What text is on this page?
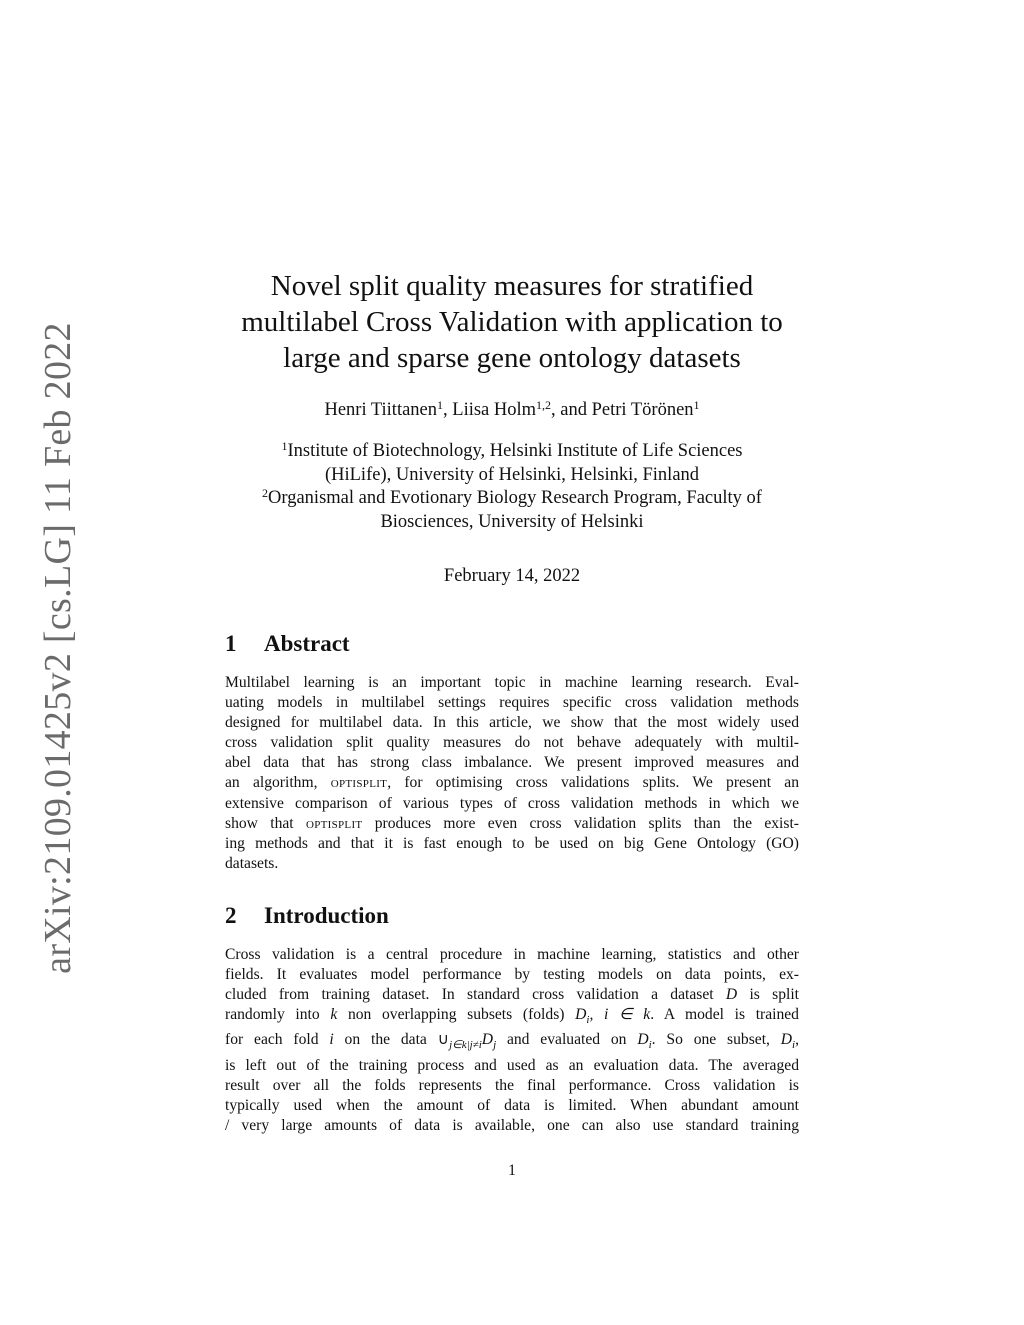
arXiv:2109.01425v2 [cs.LG] 11 Feb 2022
Novel split quality measures for stratified
multilabel Cross Validation with application to
large and sparse gene ontology datasets
Henri Tiittanen$^1$, Liisa Holm$^{1,2}$, and Petri Törönen$^1$
$^1$Institute of Biotechnology, Helsinki Institute of Life Sciences
(HiLife), University of Helsinki, Helsinki, Finland
$^2$Organismal and Evotionary Biology Research Program, Faculty of
Biosciences, University of Helsinki
February 14, 2022
1 Abstract
Multilabel learning is an important topic in machine learning research. Eval-
uating models in multilabel settings requires specific cross validation methods
designed for multilabel data. In this article, we show that the most widely used
cross validation split quality measures do not behave adequately with multil-
abel data that has strong class imbalance. We present improved measures and
an algorithm, optisplit, for optimising cross validations splits. We present an
extensive comparison of various types of cross validation methods in which we
show that optisplit produces more even cross validation splits than the exist-
ing methods and that it is fast enough to be used on big Gene Ontology (GO)
datasets.
2 Introduction
Cross validation is a central procedure in machine learning, statistics and other
fields. It evaluates model performance by testing models on data points, ex-
cluded from training dataset. In standard cross validation a dataset D is split
randomly into k non overlapping subsets (folds) $D_i$, i ∈ k. A model is trained
for each fold i on the data $\cup_{j\in k|j\ne i}D_j$ and evaluated on $D_i$. So one subset, $D_i$,
is left out of the training process and used as an evaluation data. The averaged
result over all the folds represents the final performance. Cross validation is
typically used when the amount of data is limited. When abundant amount
/ very large amounts of data is available, one can also use standard training
1
